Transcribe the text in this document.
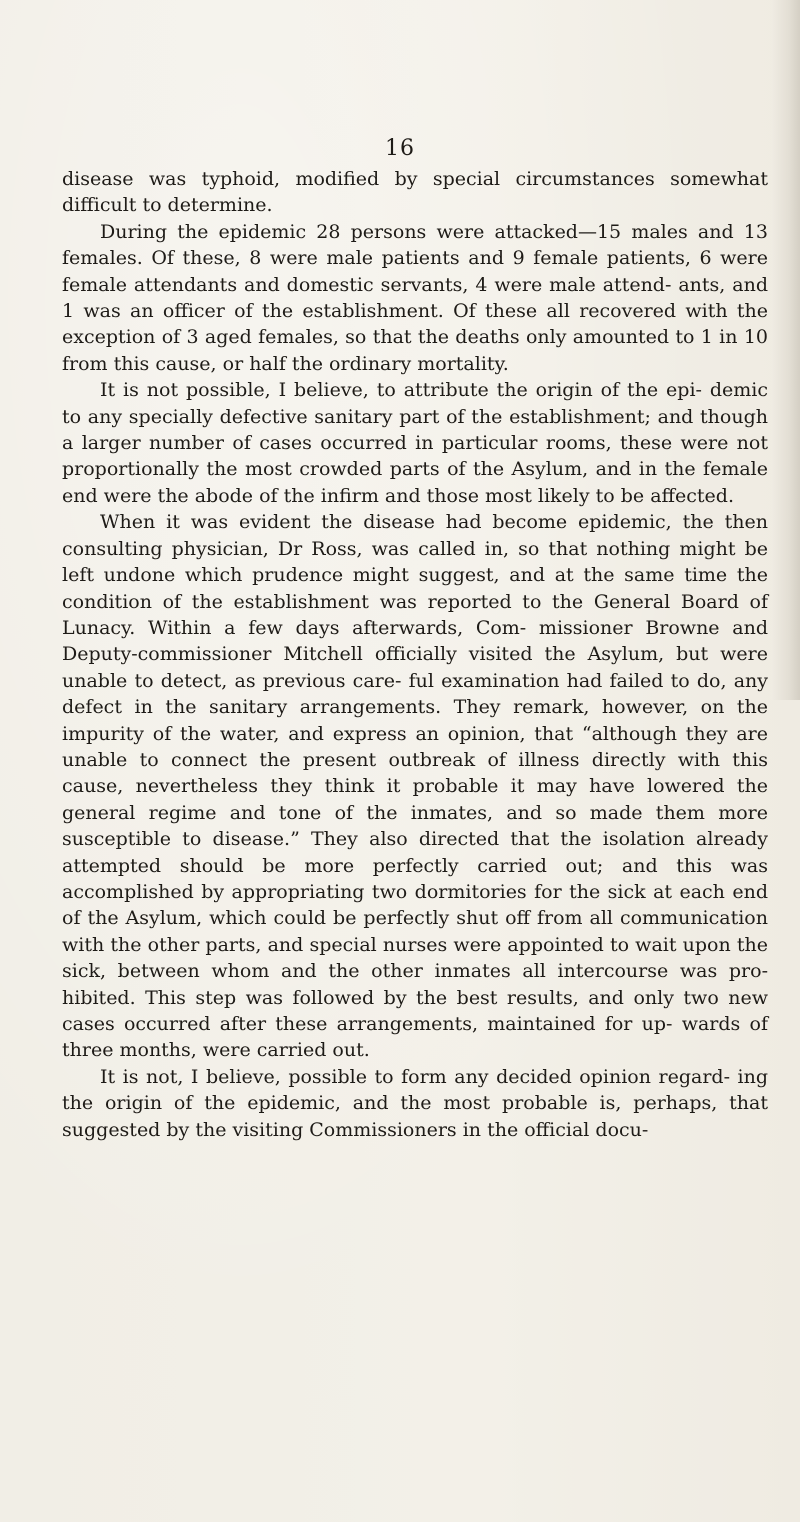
16

disease was typhoid, modified by special circumstances somewhat difficult to determine.

During the epidemic 28 persons were attacked—15 males and 13 females. Of these, 8 were male patients and 9 female patients, 6 were female attendants and domestic servants, 4 were male attend- ants, and 1 was an officer of the establishment. Of these all recovered with the exception of 3 aged females, so that the deaths only amounted to 1 in 10 from this cause, or half the ordinary mortality.

It is not possible, I believe, to attribute the origin of the epi- demic to any specially defective sanitary part of the establishment; and though a larger number of cases occurred in particular rooms, these were not proportionally the most crowded parts of the Asylum, and in the female end were the abode of the infirm and those most likely to be affected.

When it was evident the disease had become epidemic, the then consulting physician, Dr Ross, was called in, so that nothing might be left undone which prudence might suggest, and at the same time the condition of the establishment was reported to the General Board of Lunacy. Within a few days afterwards, Com- missioner Browne and Deputy-commissioner Mitchell officially visited the Asylum, but were unable to detect, as previous care- ful examination had failed to do, any defect in the sanitary arrangements. They remark, however, on the impurity of the water, and express an opinion, that “although they are unable to connect the present outbreak of illness directly with this cause, nevertheless they think it probable it may have lowered the general regime and tone of the inmates, and so made them more susceptible to disease.” They also directed that the isolation already attempted should be more perfectly carried out; and this was accomplished by appropriating two dormitories for the sick at each end of the Asylum, which could be perfectly shut off from all communication with the other parts, and special nurses were appointed to wait upon the sick, between whom and the other inmates all intercourse was pro- hibited. This step was followed by the best results, and only two new cases occurred after these arrangements, maintained for up- wards of three months, were carried out.

It is not, I believe, possible to form any decided opinion regard- ing the origin of the epidemic, and the most probable is, perhaps, that suggested by the visiting Commissioners in the official docu-
